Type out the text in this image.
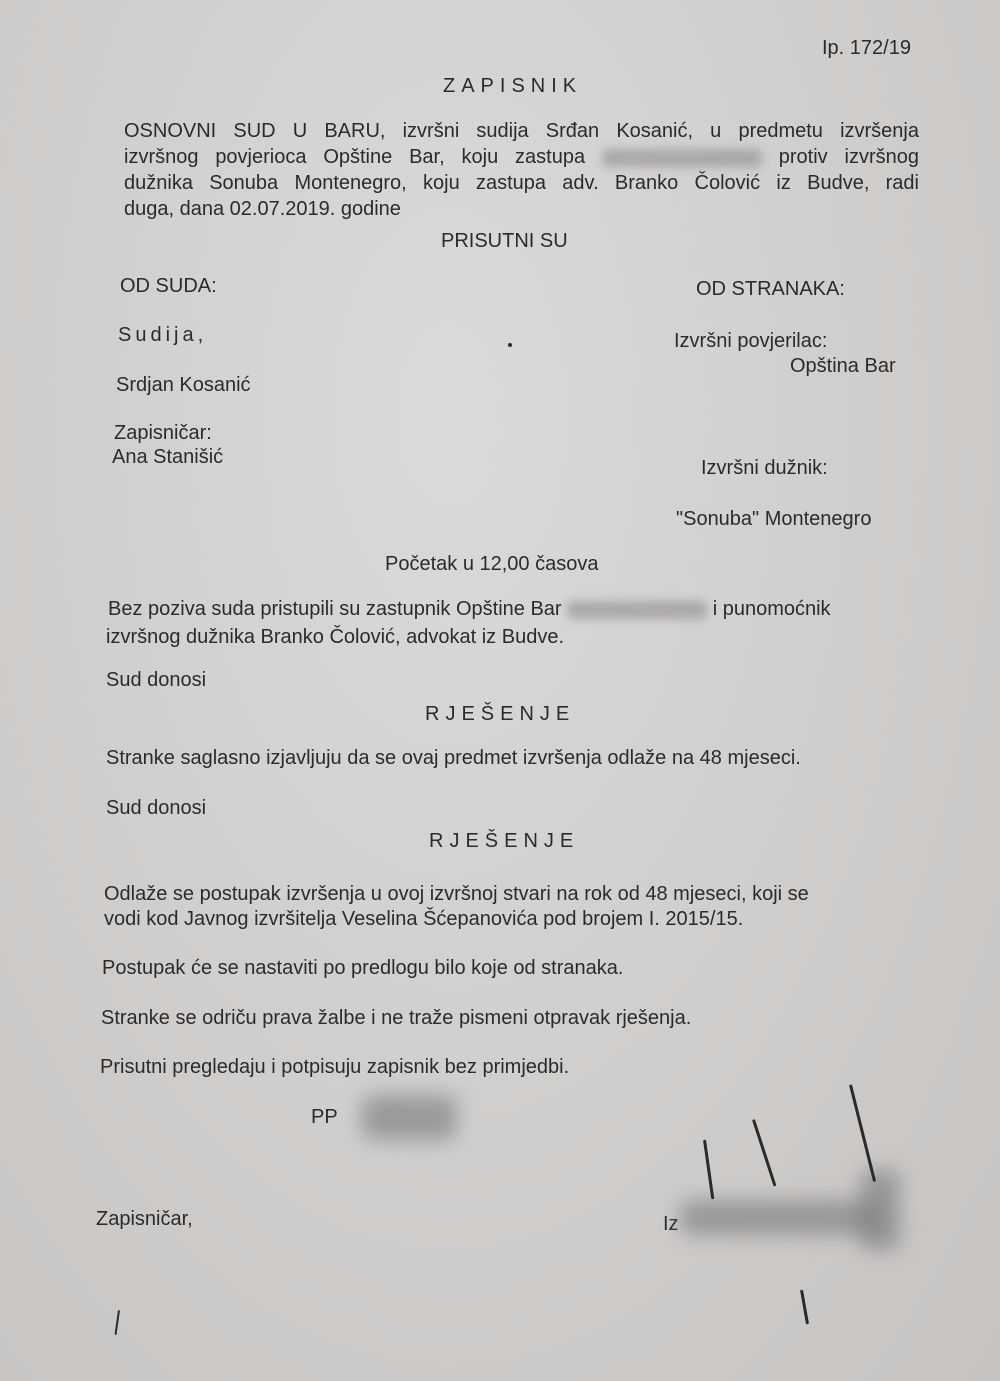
Ip. 172/19
ZAPISNIK
OSNOVNI SUD U BARU, izvršni sudija Srđan Kosanić, u predmetu izvršenja
izvršnog povjerioca Opštine Bar, koju zastupa	protiv izvršnog
dužnika Sonuba Montenegro, koju zastupa adv. Branko Čolović iz Budve, radi
duga, dana 02.07.2019. godine
PRISUTNI SU
OD SUDA:
Sudija,
Srdjan Kosanić
Zapisničar:
Ana Stanišić
OD STRANAKA:
Izvršni povjerilac:
Opština Bar
Izvršni dužnik:
"Sonuba" Montenegro
Početak u 12,00 časova
Bez poziva suda pristupili su zastupnik Opštine Bar	i punomoćnik
izvršnog dužnika Branko Čolović, advokat iz Budve.
Sud donosi
RJEŠENJE
Stranke saglasno izjavljuju da se ovaj predmet izvršenja odlaže na 48 mjeseci.
Sud donosi
RJEŠENJE
Odlaže se postupak izvršenja u ovoj izvršnoj stvari na rok od 48 mjeseci, koji se
vodi kod Javnog izvršitelja Veselina Šćepanovića pod brojem I. 2015/15.
Postupak će se nastaviti po predlogu bilo koje od stranaka.
Stranke se odriču prava žalbe i ne traže pismeni otpravak rješenja.
Prisutni pregledaju i potpisuju zapisnik bez primjedbi.
PP
Zapisničar,	Iz
